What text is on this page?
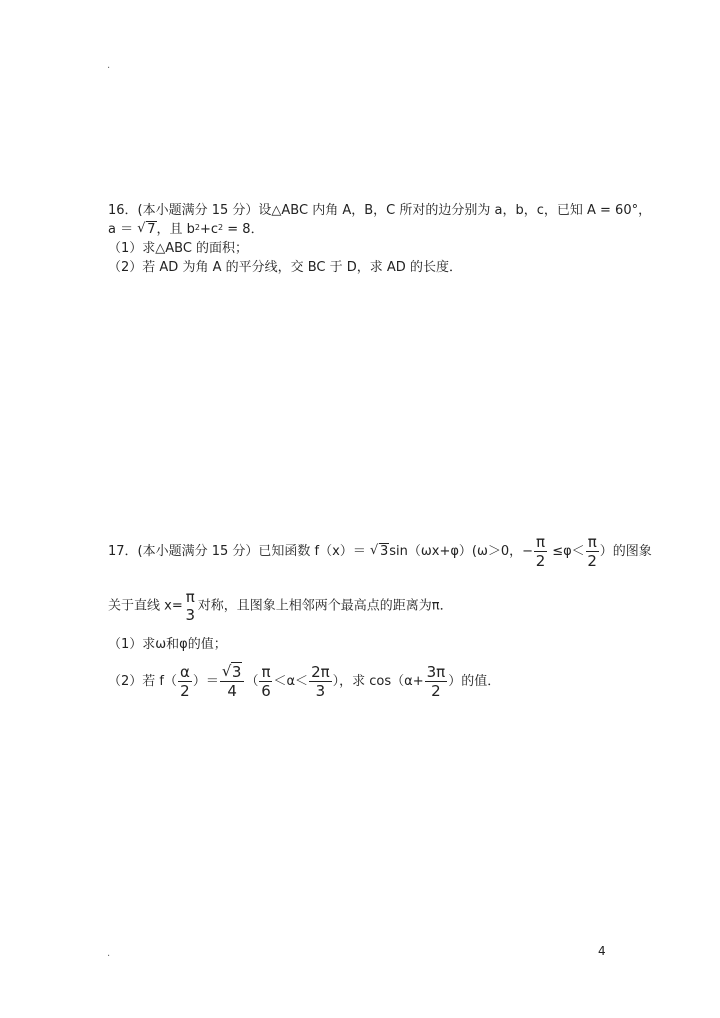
.
16．(本小题满分 15 分）设△ABC 内角 A，B，C 所对的边分别为 a，b，c，已知 A = 60°，
a ＝ √ 7，且 $b^2+c^2 = 8$．
（1）求△ABC 的面积；
（2）若 AD 为角 A 的平分线，交 BC 于 D，求 AD 的长度．
17．(本小题满分 15 分）已知函数 f（x）＝ √ 3sin（ωx+φ）(ω＞0，− $\frac{\pi}{2} \le\varphi< \frac{\pi}{2}$ ）的图象
关于直线 x= π
3 对称，且图象上相邻两个最高点的距离为π．
（1）求ω和φ的值；
（2）若 $f( \frac{\alpha}{2}$ ）＝
√ $\frac{3}{4}$ （ $\frac{\pi}{6} <\alpha< \frac{2\pi}{3}$ ），求 $\cos(\alpha+ \frac{3\pi}{2}$ ）的值．
.	4
